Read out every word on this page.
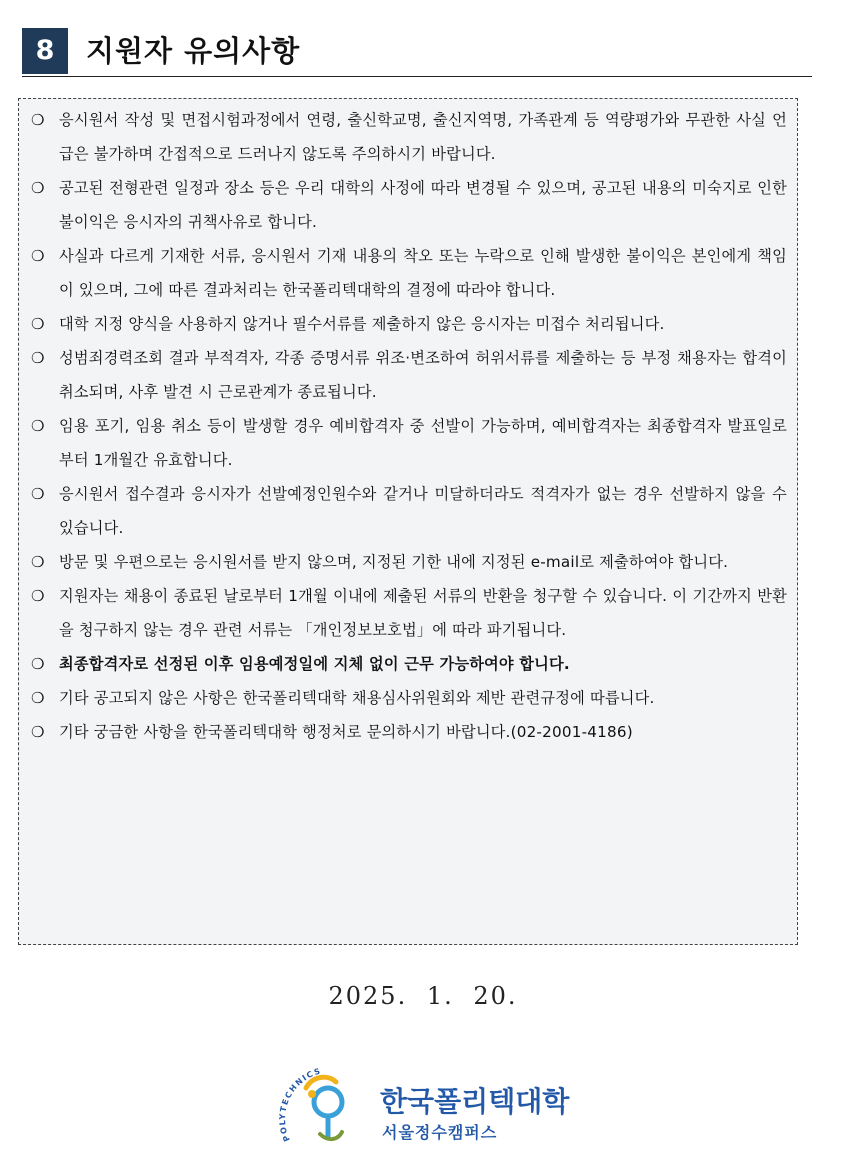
8	지원자 유의사항
❍ 응시원서 작성 및 면접시험과정에서 연령, 출신학교명, 출신지역명, 가족관계 등 역량평가와 무관한 사실 언급은 불가하며 간접적으로 드러나지 않도록 주의하시기 바랍니다.
❍ 공고된 전형관련 일정과 장소 등은 우리 대학의 사정에 따라 변경될 수 있으며, 공고된 내용의 미숙지로 인한 불이익은 응시자의 귀책사유로 합니다.
❍ 사실과 다르게 기재한 서류, 응시원서 기재 내용의 착오 또는 누락으로 인해 발생한 불이익은 본인에게 책임이 있으며, 그에 따른 결과처리는 한국폴리텍대학의 결정에 따라야 합니다.
❍ 대학 지정 양식을 사용하지 않거나 필수서류를 제출하지 않은 응시자는 미접수 처리됩니다.
❍ 성범죄경력조회 결과 부적격자, 각종 증명서류 위조·변조하여 허위서류를 제출하는 등 부정 채용자는 합격이 취소되며, 사후 발견 시 근로관계가 종료됩니다.
❍ 임용 포기, 임용 취소 등이 발생할 경우 예비합격자 중 선발이 가능하며, 예비합격자는 최종합격자 발표일로부터 1개월간 유효합니다.
❍ 응시원서 접수결과 응시자가 선발예정인원수와 같거나 미달하더라도 적격자가 없는 경우 선발하지 않을 수 있습니다.
❍ 방문 및 우편으로는 응시원서를 받지 않으며, 지정된 기한 내에 지정된 e-mail로 제출하여야 합니다.
❍ 지원자는 채용이 종료된 날로부터 1개월 이내에 제출된 서류의 반환을 청구할 수 있습니다. 이 기간까지 반환을 청구하지 않는 경우 관련 서류는 「개인정보보호법」에 따라 파기됩니다.
❍ 최종합격자로 선정된 이후 임용예정일에 지체 없이 근무 가능하여야 합니다.
❍ 기타 공고되지 않은 사항은 한국폴리텍대학 채용심사위원회와 제반 관련규정에 따릅니다.
❍ 기타 궁금한 사항을 한국폴리텍대학 행정처로 문의하시기 바랍니다.(02-2001-4186)
2025. 1. 20.
POLYTECHNICS
한국폴리텍대학
서울정수캠퍼스
